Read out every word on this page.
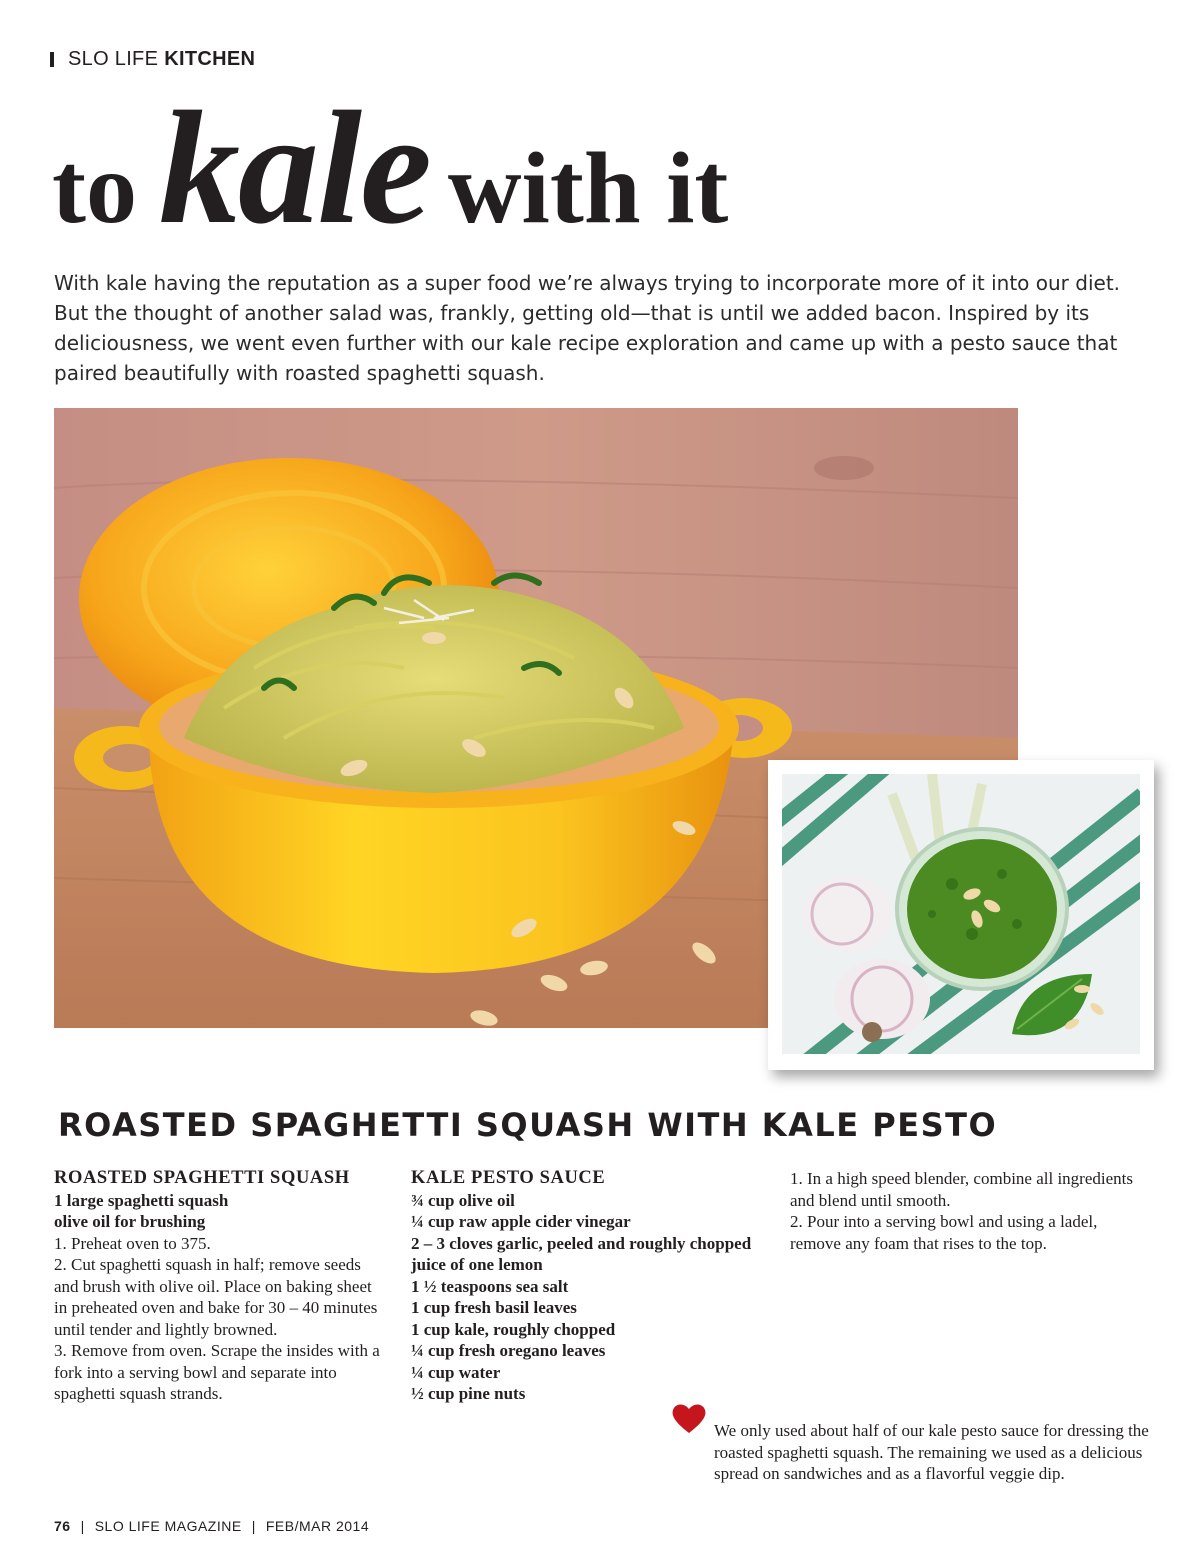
SLO LIFE KITCHEN
to kale with it

With kale having the reputation as a super food we’re always trying to incorporate more of it into our diet. But the thought of another salad was, frankly, getting old—that is until we added bacon. Inspired by its deliciousness, we went even further with our kale recipe exploration and came up with a pesto sauce that paired beautifully with roasted spaghetti squash.

ROASTED SPAGHETTI SQUASH WITH KALE PESTO
ROASTED SPAGHETTI SQUASH
1 large spaghetti squash
olive oil for brushing
1. Preheat oven to 375.
2. Cut spaghetti squash in half; remove seeds and brush with olive oil. Place on baking sheet in preheated oven and bake for 30 – 40 minutes until tender and lightly browned.
3. Remove from oven. Scrape the insides with a fork into a serving bowl and separate into spaghetti squash strands.
KALE PESTO SAUCE
¾ cup olive oil
¼ cup raw apple cider vinegar
2 – 3 cloves garlic, peeled and roughly chopped
juice of one lemon
1 ½ teaspoons sea salt
1 cup fresh basil leaves
1 cup kale, roughly chopped
¼ cup fresh oregano leaves
¼ cup water
½ cup pine nuts
1. In a high speed blender, combine all ingredients and blend until smooth.
2. Pour into a serving bowl and using a ladel, remove any foam that rises to the top.
We only used about half of our kale pesto sauce for dressing the roasted spaghetti squash. The remaining we used as a delicious spread on sandwiches and as a flavorful veggie dip.
76 | SLO LIFE MAGAZINE | FEB/MAR 2014
